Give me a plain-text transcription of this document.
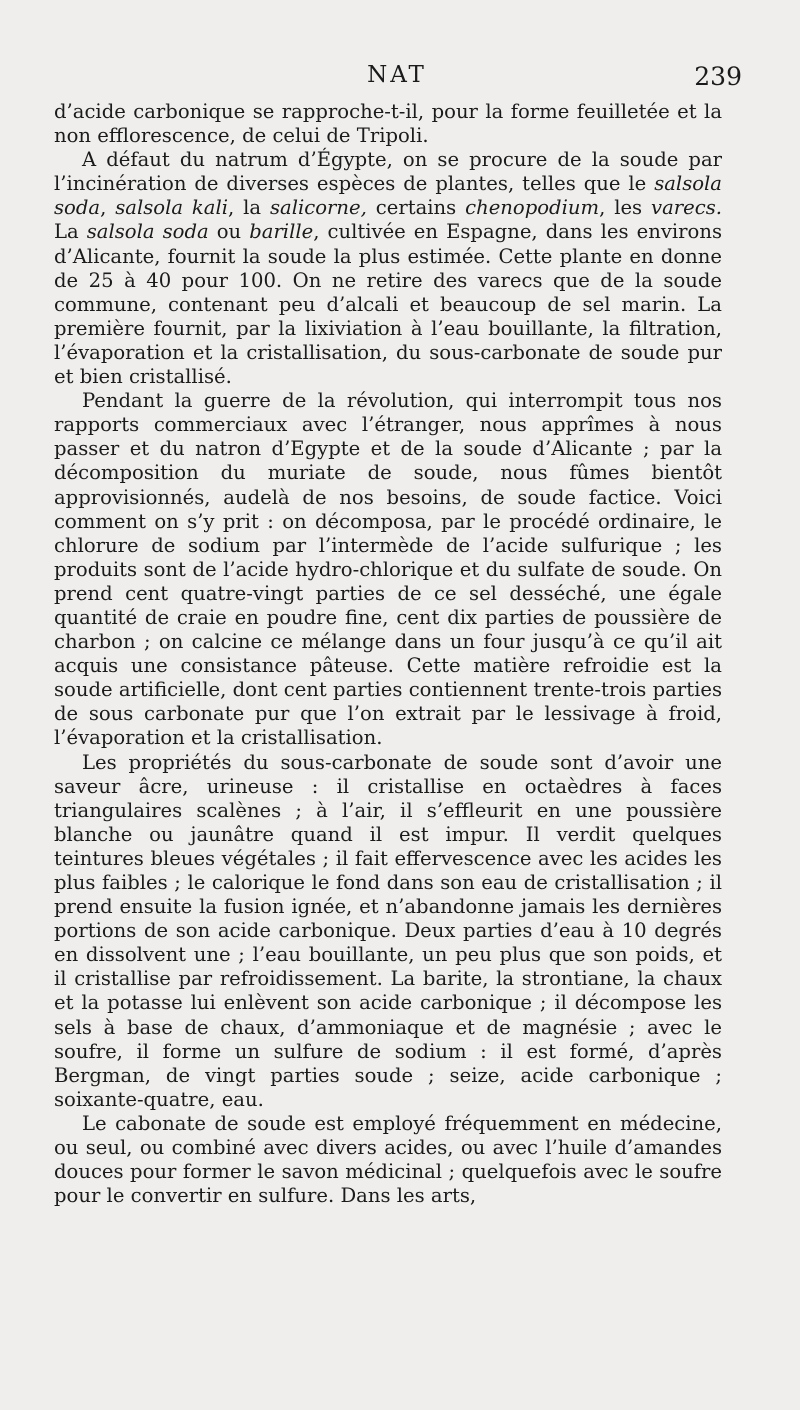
NAT	239

d’acide carbonique se rapproche-t-il, pour la forme feuilletée et la non efflorescence, de celui de Tripoli.

A défaut du natrum d’Égypte, on se procure de la soude par l’incinération de diverses espèces de plantes, telles que le salsola soda, salsola kali, la salicorne, certains chenopodium, les varecs. La salsola soda ou barille, cultivée en Espagne, dans les environs d’Alicante, fournit la soude la plus estimée. Cette plante en donne de 25 à 40 pour 100. On ne retire des varecs que de la soude commune, contenant peu d’alcali et beaucoup de sel marin. La première fournit, par la lixiviation à l’eau bouillante, la filtration, l’évaporation et la cristallisation, du sous-carbonate de soude pur et bien cristallisé.

Pendant la guerre de la révolution, qui interrompit tous nos rapports commerciaux avec l’étranger, nous apprîmes à nous passer et du natron d’Egypte et de la soude d’Alicante ; par la décomposition du muriate de soude, nous fûmes bientôt approvisionnés, audelà de nos besoins, de soude factice. Voici comment on s’y prit : on décomposa, par le procédé ordinaire, le chlorure de sodium par l’intermède de l’acide sulfurique ; les produits sont de l’acide hydro-chlorique et du sulfate de soude. On prend cent quatre-vingt parties de ce sel desséché, une égale quantité de craie en poudre fine, cent dix parties de poussière de charbon ; on calcine ce mélange dans un four jusqu’à ce qu’il ait acquis une consistance pâteuse. Cette matière refroidie est la soude artificielle, dont cent parties contiennent trente-trois parties de sous carbonate pur que l’on extrait par le lessivage à froid, l’évaporation et la cristallisation.

Les propriétés du sous-carbonate de soude sont d’avoir une saveur âcre, urineuse : il cristallise en octaèdres à faces triangulaires scalènes ; à l’air, il s’effleurit en une poussière blanche ou jaunâtre quand il est impur. Il verdit quelques teintures bleues végétales ; il fait effervescence avec les acides les plus faibles ; le calorique le fond dans son eau de cristallisation ; il prend ensuite la fusion ignée, et n’abandonne jamais les dernières portions de son acide carbonique. Deux parties d’eau à 10 degrés en dissolvent une ; l’eau bouillante, un peu plus que son poids, et il cristallise par refroidissement. La barite, la strontiane, la chaux et la potasse lui enlèvent son acide carbonique ; il décompose les sels à base de chaux, d’ammoniaque et de magnésie ; avec le soufre, il forme un sulfure de sodium : il est formé, d’après Bergman, de vingt parties soude ; seize, acide carbonique ; soixante-quatre, eau.

Le cabonate de soude est employé fréquemment en médecine, ou seul, ou combiné avec divers acides, ou avec l’huile d’amandes douces pour former le savon médicinal ; quelquefois avec le soufre pour le convertir en sulfure. Dans les arts,
